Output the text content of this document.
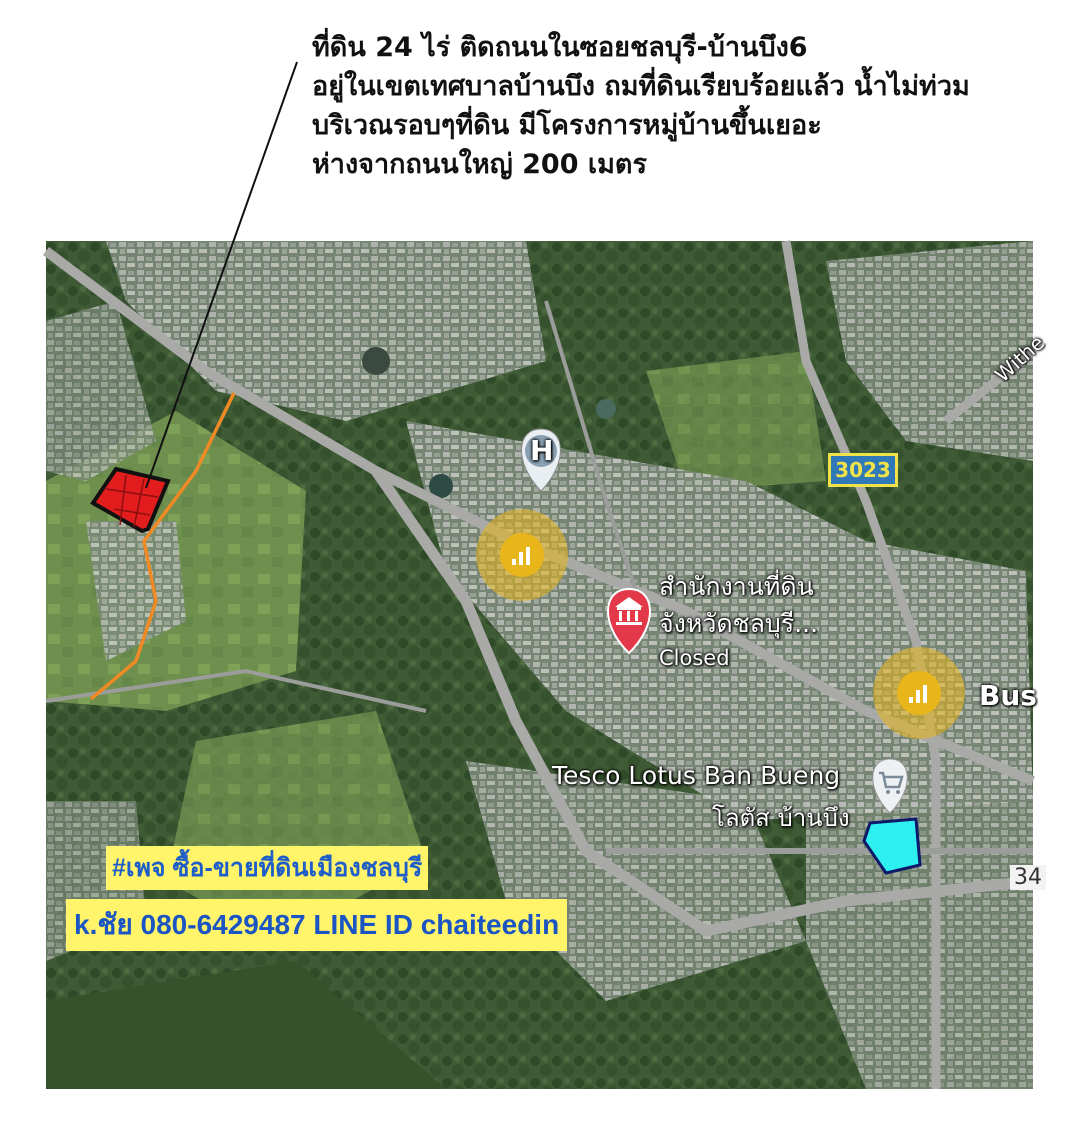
ที่ดิน 24 ไร่ ติดถนนในซอยชลบุรี-บ้านบึง6
อยู่ในเขตเทศบาลบ้านบึง ถมที่ดินเรียบร้อยแล้ว น้ำไม่ท่วม
บริเวณรอบๆที่ดิน มีโครงการหมู่บ้านขึ้นเยอะ
ห่างจากถนนใหญ่ 200 เมตร
H
3023
Withe
สำนักงานที่ดิน
จังหวัดชลบุรี...
Closed
Bus
Tesco Lotus Ban Bueng
โลตัส บ้านบึง
34
#เพจ ซื้อ-ขายที่ดินเมืองชลบุรี
k.ชัย 080-6429487 LINE ID chaiteedin
